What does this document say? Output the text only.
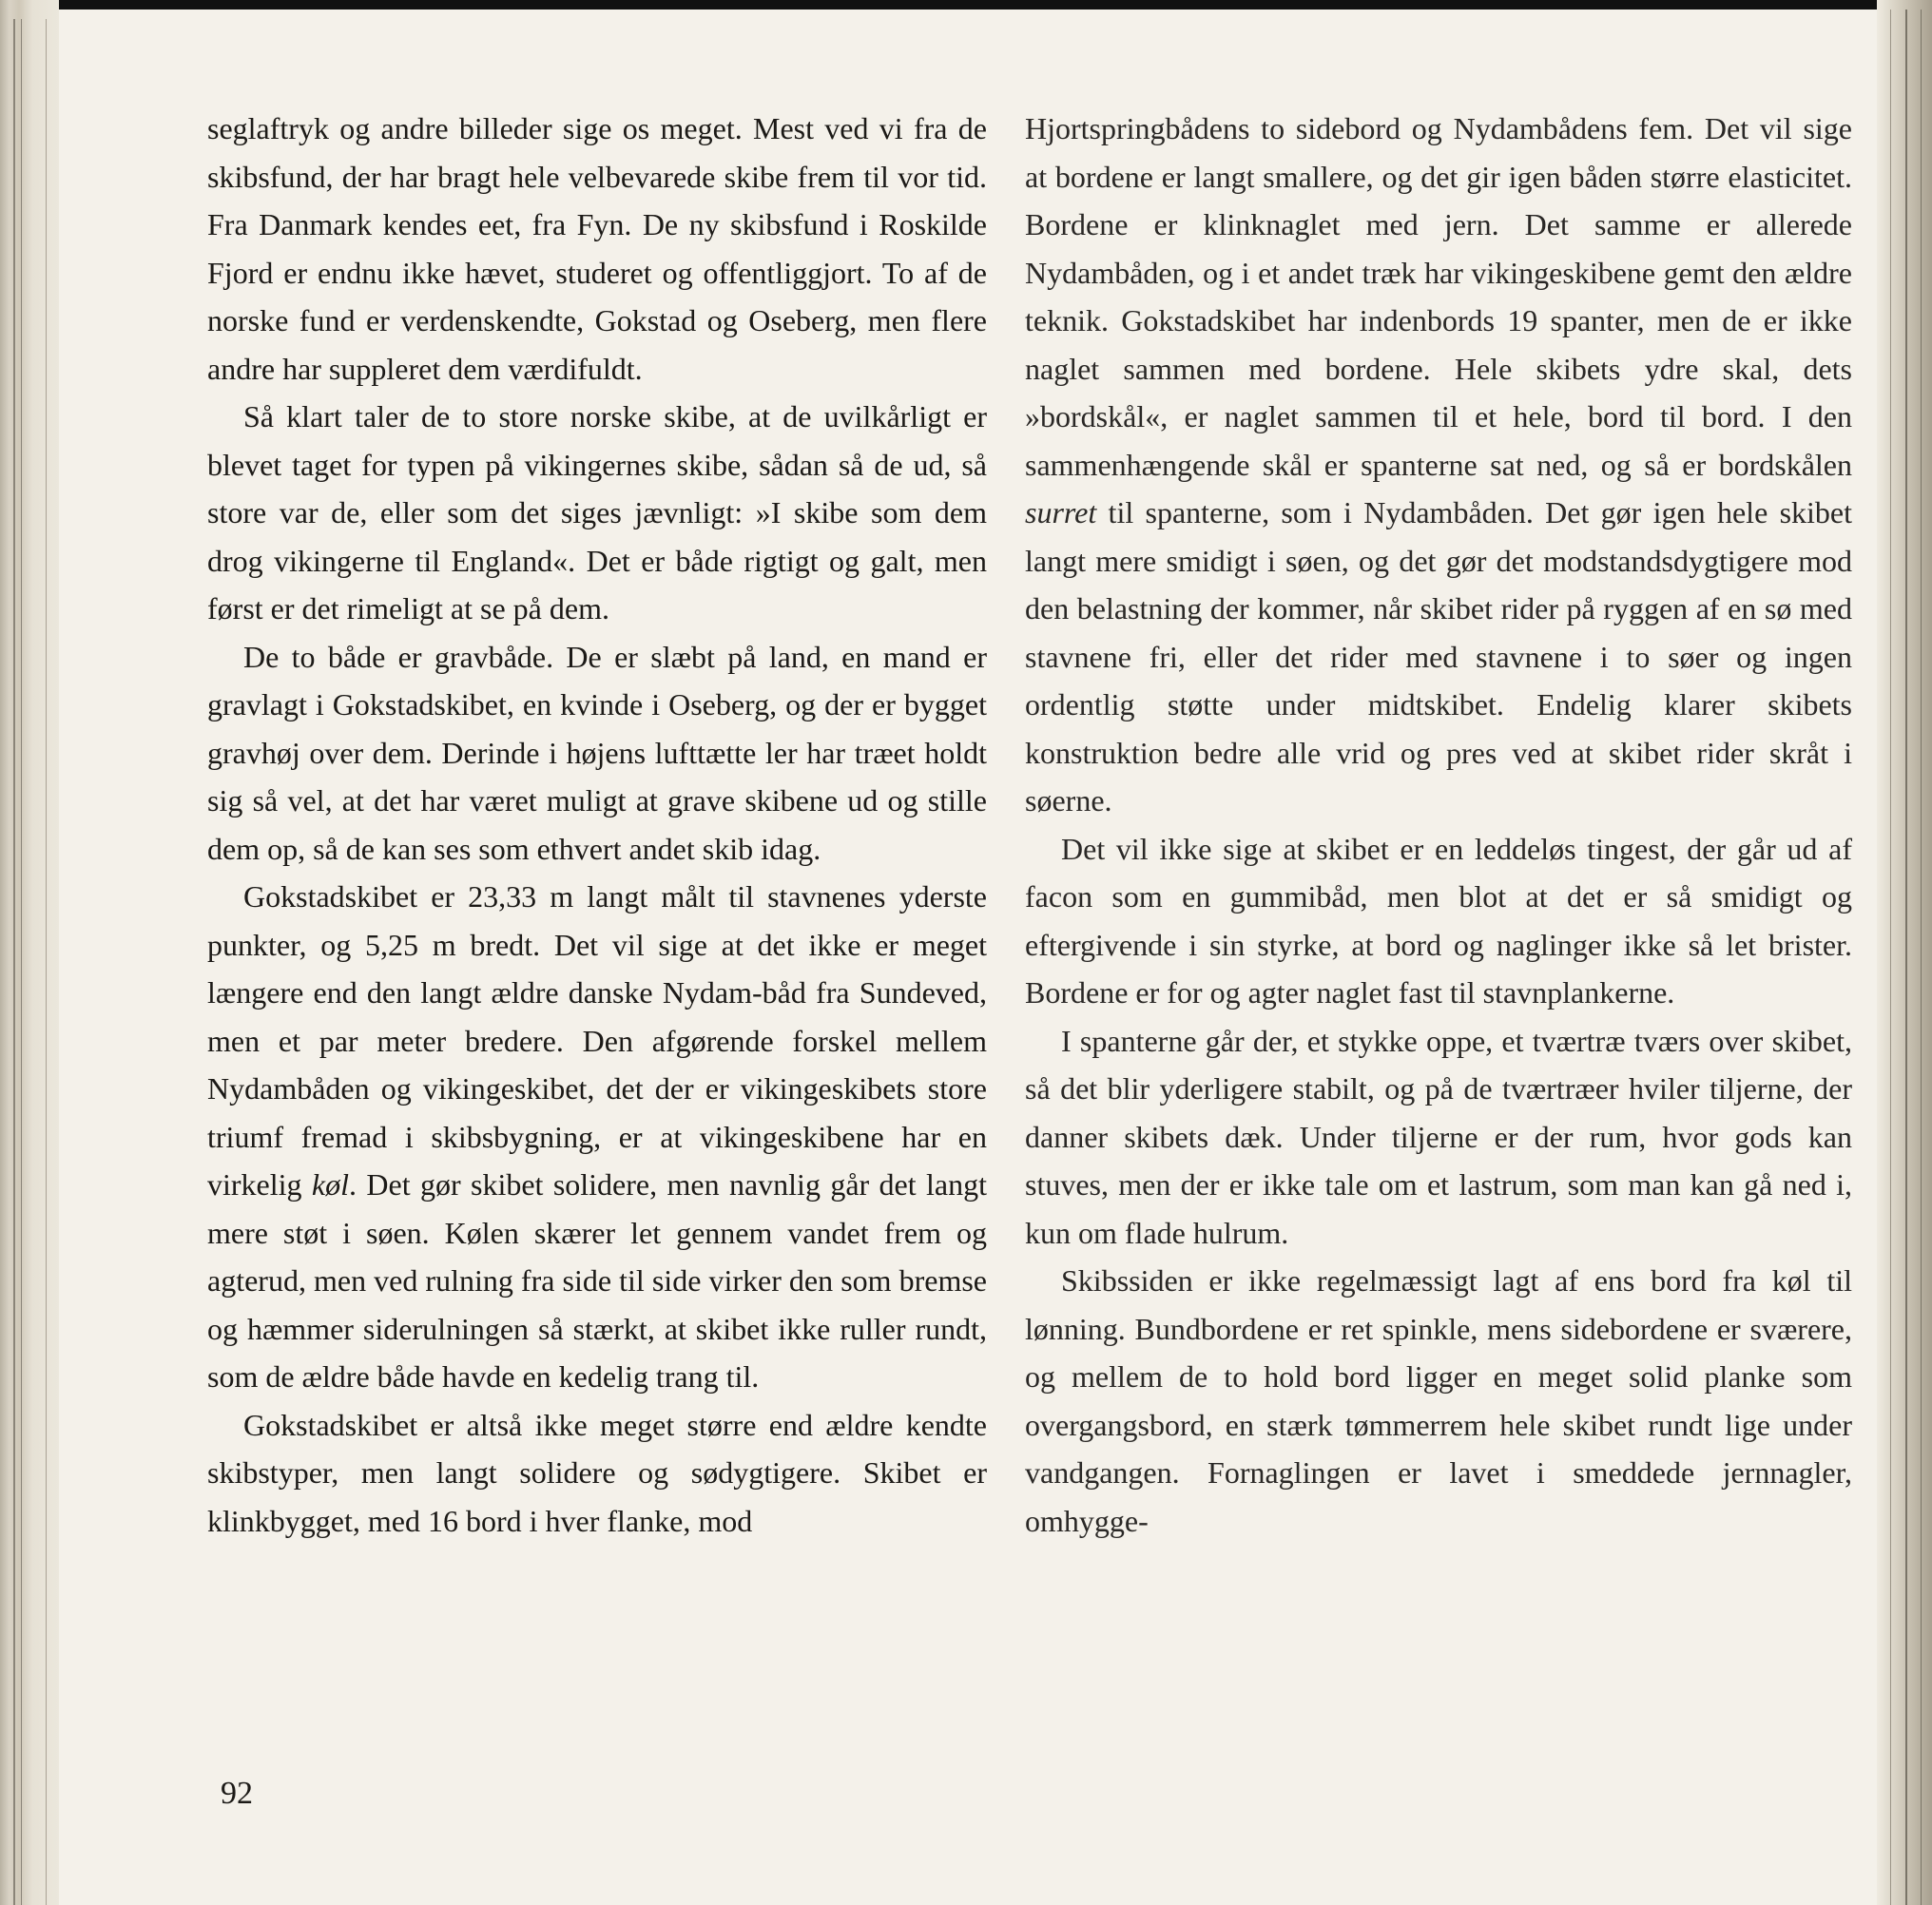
seglaftryk og andre billeder sige os meget. Mest ved vi fra de skibsfund, der har bragt hele velbevarede skibe frem til vor tid. Fra Danmark kendes eet, fra Fyn. De ny skibsfund i Roskilde Fjord er endnu ikke hævet, studeret og offentliggjort. To af de norske fund er verdenskendte, Gokstad og Oseberg, men flere andre har suppleret dem værdifuldt.

Så klart taler de to store norske skibe, at de uvilkårligt er blevet taget for typen på vikingernes skibe, sådan så de ud, så store var de, eller som det siges jævnligt: »I skibe som dem drog vikingerne til England«. Det er både rigtigt og galt, men først er det rimeligt at se på dem.

De to både er gravbåde. De er slæbt på land, en mand er gravlagt i Gokstadskibet, en kvinde i Oseberg, og der er bygget gravhøj over dem. Derinde i højens lufttætte ler har træet holdt sig så vel, at det har været muligt at grave skibene ud og stille dem op, så de kan ses som ethvert andet skib idag.

Gokstadskibet er 23,33 m langt målt til stavnenes yderste punkter, og 5,25 m bredt. Det vil sige at det ikke er meget længere end den langt ældre danske Nydam-båd fra Sundeved, men et par meter bredere. Den afgørende forskel mellem Nydambåden og vikingeskibet, det der er vikingeskibets store triumf fremad i skibsbygning, er at vikingeskibene har en virkelig køl. Det gør skibet solidere, men navnlig går det langt mere støt i søen. Kølen skærer let gennem vandet frem og agterud, men ved rulning fra side til side virker den som bremse og hæmmer siderulningen så stærkt, at skibet ikke ruller rundt, som de ældre både havde en kedelig trang til.

Gokstadskibet er altså ikke meget større end ældre kendte skibstyper, men langt solidere og sødygtigere. Skibet er klinkbygget, med 16 bord i hver flanke, mod

Hjortspringbådens to sidebord og Nydambådens fem. Det vil sige at bordene er langt smallere, og det gir igen båden større elasticitet. Bordene er klinknaglet med jern. Det samme er allerede Nydambåden, og i et andet træk har vikingeskibene gemt den ældre teknik. Gokstadskibet har indenbords 19 spanter, men de er ikke naglet sammen med bordene. Hele skibets ydre skal, dets »bordskål«, er naglet sammen til et hele, bord til bord. I den sammenhængende skål er spanterne sat ned, og så er bordskålen surret til spanterne, som i Nydambåden. Det gør igen hele skibet langt mere smidigt i søen, og det gør det modstandsdygtigere mod den belastning der kommer, når skibet rider på ryggen af en sø med stavnene fri, eller det rider med stavnene i to søer og ingen ordentlig støtte under midtskibet. Endelig klarer skibets konstruktion bedre alle vrid og pres ved at skibet rider skråt i søerne.

Det vil ikke sige at skibet er en leddeløs tingest, der går ud af facon som en gummibåd, men blot at det er så smidigt og eftergivende i sin styrke, at bord og naglinger ikke så let brister. Bordene er for og agter naglet fast til stavnplankerne.

I spanterne går der, et stykke oppe, et tværtræ tværs over skibet, så det blir yderligere stabilt, og på de tværtræer hviler tiljerne, der danner skibets dæk. Under tiljerne er der rum, hvor gods kan stuves, men der er ikke tale om et lastrum, som man kan gå ned i, kun om flade hulrum.

Skibssiden er ikke regelmæssigt lagt af ens bord fra køl til lønning. Bundbordene er ret spinkle, mens sidebordene er sværere, og mellem de to hold bord ligger en meget solid planke som overgangsbord, en stærk tømmerrem hele skibet rundt lige under vandgangen. Fornaglingen er lavet i smeddede jernnagler, omhygge-

92
